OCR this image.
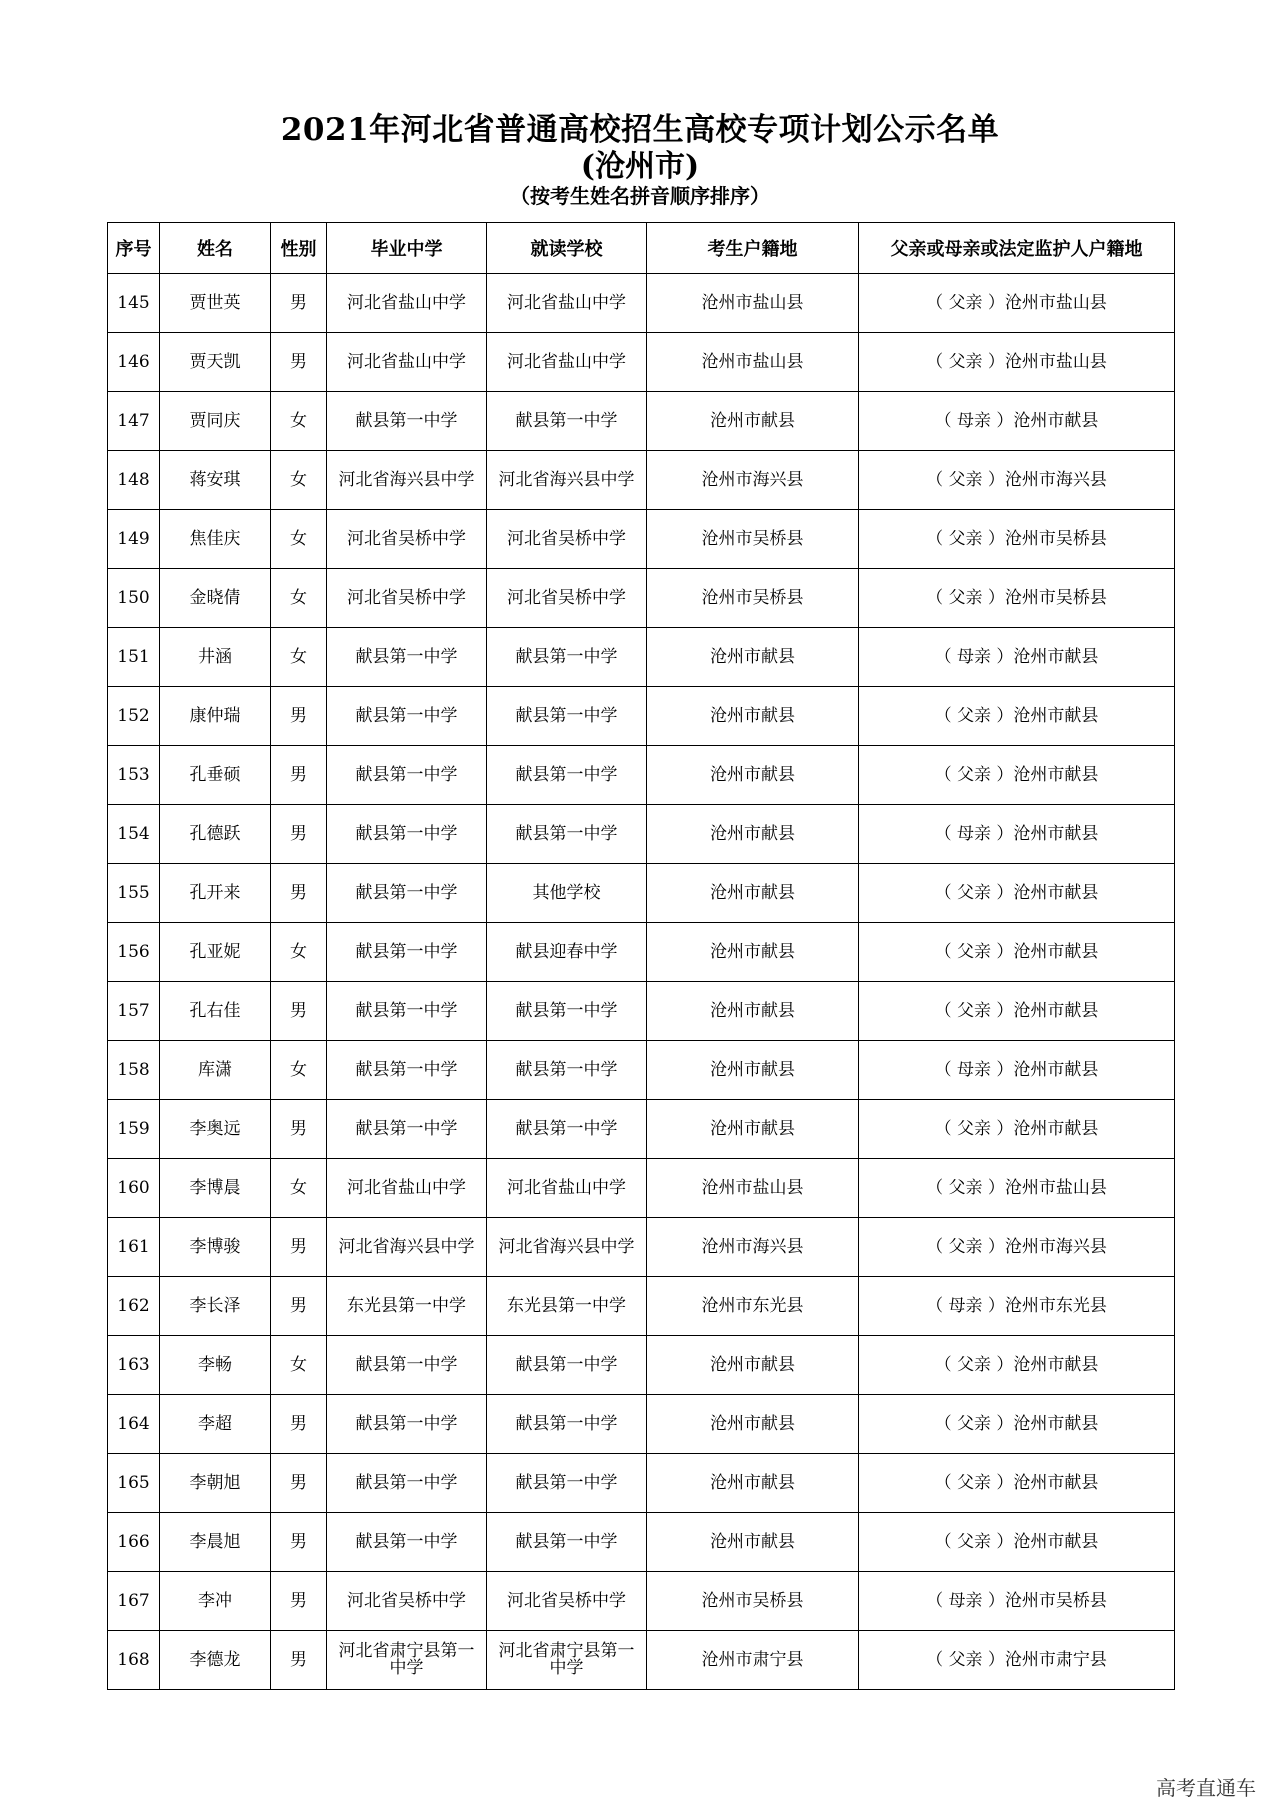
2021年河北省普通高校招生高校专项计划公示名单
(沧州市)
（按考生姓名拼音顺序排序）
序号	姓名	性别	毕业中学	就读学校	考生户籍地	父亲或母亲或法定监护人户籍地
145	贾世英	男	河北省盐山中学	河北省盐山中学	沧州市盐山县	（ 父亲 ）沧州市盐山县
146	贾天凯	男	河北省盐山中学	河北省盐山中学	沧州市盐山县	（ 父亲 ）沧州市盐山县
147	贾同庆	女	献县第一中学	献县第一中学	沧州市献县	（ 母亲 ）沧州市献县
148	蒋安琪	女	河北省海兴县中学	河北省海兴县中学	沧州市海兴县	（ 父亲 ）沧州市海兴县
149	焦佳庆	女	河北省吴桥中学	河北省吴桥中学	沧州市吴桥县	（ 父亲 ）沧州市吴桥县
150	金晓倩	女	河北省吴桥中学	河北省吴桥中学	沧州市吴桥县	（ 父亲 ）沧州市吴桥县
151	井涵	女	献县第一中学	献县第一中学	沧州市献县	（ 母亲 ）沧州市献县
152	康仲瑞	男	献县第一中学	献县第一中学	沧州市献县	（ 父亲 ）沧州市献县
153	孔垂硕	男	献县第一中学	献县第一中学	沧州市献县	（ 父亲 ）沧州市献县
154	孔德跃	男	献县第一中学	献县第一中学	沧州市献县	（ 母亲 ）沧州市献县
155	孔开来	男	献县第一中学	其他学校	沧州市献县	（ 父亲 ）沧州市献县
156	孔亚妮	女	献县第一中学	献县迎春中学	沧州市献县	（ 父亲 ）沧州市献县
157	孔右佳	男	献县第一中学	献县第一中学	沧州市献县	（ 父亲 ）沧州市献县
158	库潇	女	献县第一中学	献县第一中学	沧州市献县	（ 母亲 ）沧州市献县
159	李奥远	男	献县第一中学	献县第一中学	沧州市献县	（ 父亲 ）沧州市献县
160	李博晨	女	河北省盐山中学	河北省盐山中学	沧州市盐山县	（ 父亲 ）沧州市盐山县
161	李博骏	男	河北省海兴县中学	河北省海兴县中学	沧州市海兴县	（ 父亲 ）沧州市海兴县
162	李长泽	男	东光县第一中学	东光县第一中学	沧州市东光县	（ 母亲 ）沧州市东光县
163	李畅	女	献县第一中学	献县第一中学	沧州市献县	（ 父亲 ）沧州市献县
164	李超	男	献县第一中学	献县第一中学	沧州市献县	（ 父亲 ）沧州市献县
165	李朝旭	男	献县第一中学	献县第一中学	沧州市献县	（ 父亲 ）沧州市献县
166	李晨旭	男	献县第一中学	献县第一中学	沧州市献县	（ 父亲 ）沧州市献县
167	李冲	男	河北省吴桥中学	河北省吴桥中学	沧州市吴桥县	（ 母亲 ）沧州市吴桥县
168	李德龙	男	河北省肃宁县第一中学	河北省肃宁县第一中学	沧州市肃宁县	（ 父亲 ）沧州市肃宁县
高考直通车
